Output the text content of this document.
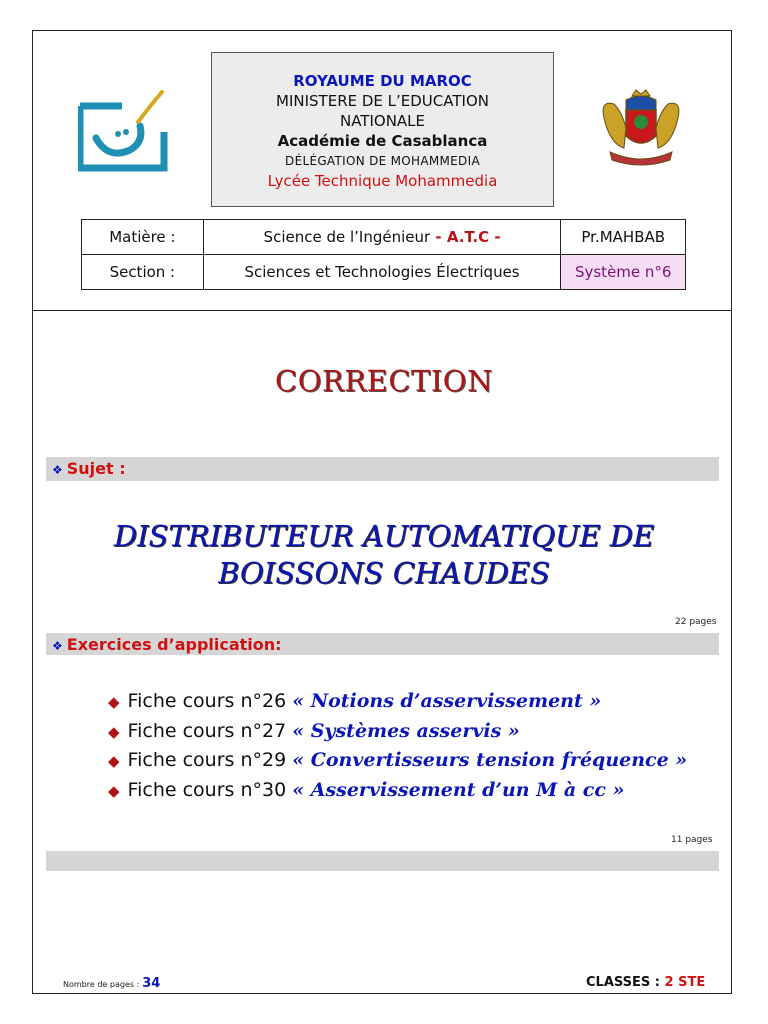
ROYAUME DU MAROC
MINISTERE DE L’EDUCATION
NATIONALE
Académie de Casablanca
DÉLÉGATION DE MOHAMMEDIA
Lycée Technique Mohammedia
Matière :	Science de l’Ingénieur - A.T.C -	Pr.MAHBAB
Section :	Sciences et Technologies Électriques	Système n°6
CORRECTION
❖ Sujet :
DISTRIBUTEUR AUTOMATIQUE DE
BOISSONS CHAUDES
22 pages
❖ Exercices d’application:
◆ Fiche cours n°26 « Notions d’asservissement »
◆ Fiche cours n°27 « Systèmes asservis »
◆ Fiche cours n°29 « Convertisseurs tension fréquence »
◆ Fiche cours n°30 « Asservissement d’un M à cc »
11 pages
Nombre de pages : 34	CLASSES : 2 STE
